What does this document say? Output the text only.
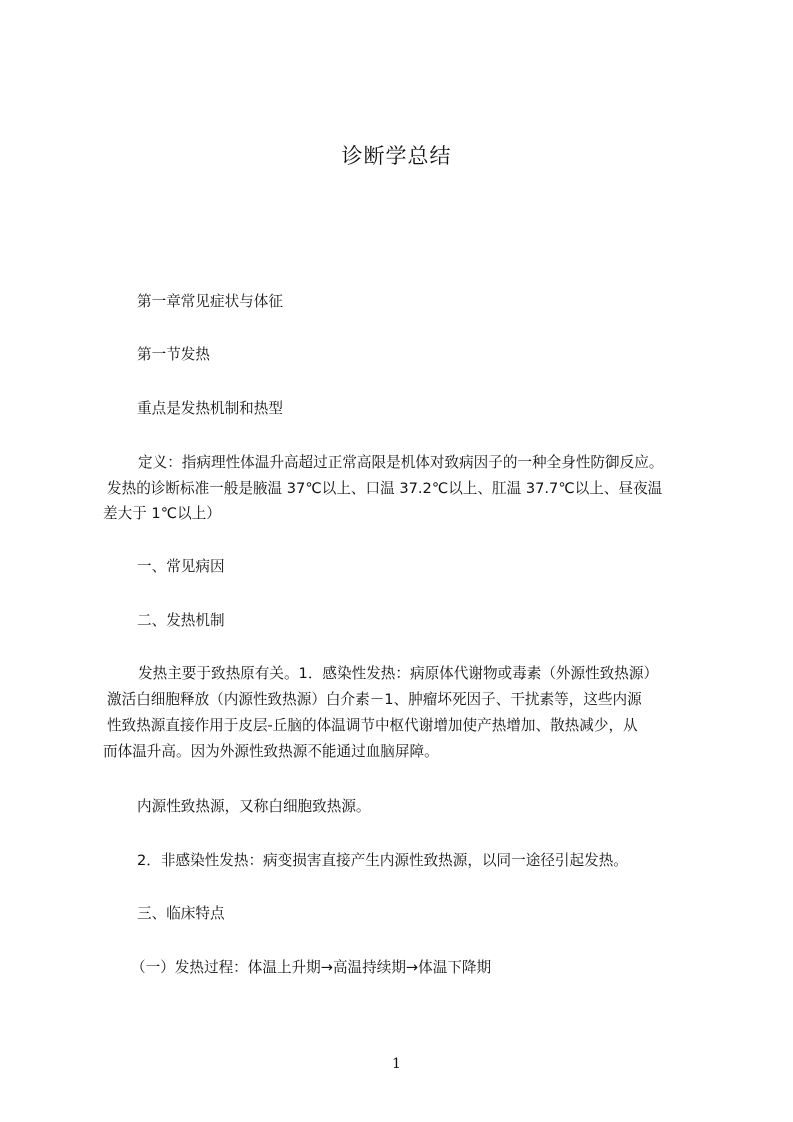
诊断学总结
第一章常见症状与体征
第一节发热
重点是发热机制和热型
定义：指病理性体温升高超过正常高限是机体对致病因子的一种全身性防御反应。
发热的诊断标准一般是腋温 37℃以上、口温 37.2℃以上、肛温 37.7℃以上、昼夜温
差大于 1℃以上）
一、常见病因
二、发热机制
发热主要于致热原有关。1．感染性发热：病原体代谢物或毒素（外源性致热源）
激活白细胞释放（内源性致热源）白介素－1、肿瘤坏死因子、干扰素等，这些内源
性致热源直接作用于皮层-丘脑的体温调节中枢代谢增加使产热增加、散热减少，从
而体温升高。因为外源性致热源不能通过血脑屏障。
内源性致热源，又称白细胞致热源。
2．非感染性发热：病变损害直接产生内源性致热源，以同一途径引起发热。
三、临床特点
（一）发热过程：体温上升期→高温持续期→体温下降期
1
